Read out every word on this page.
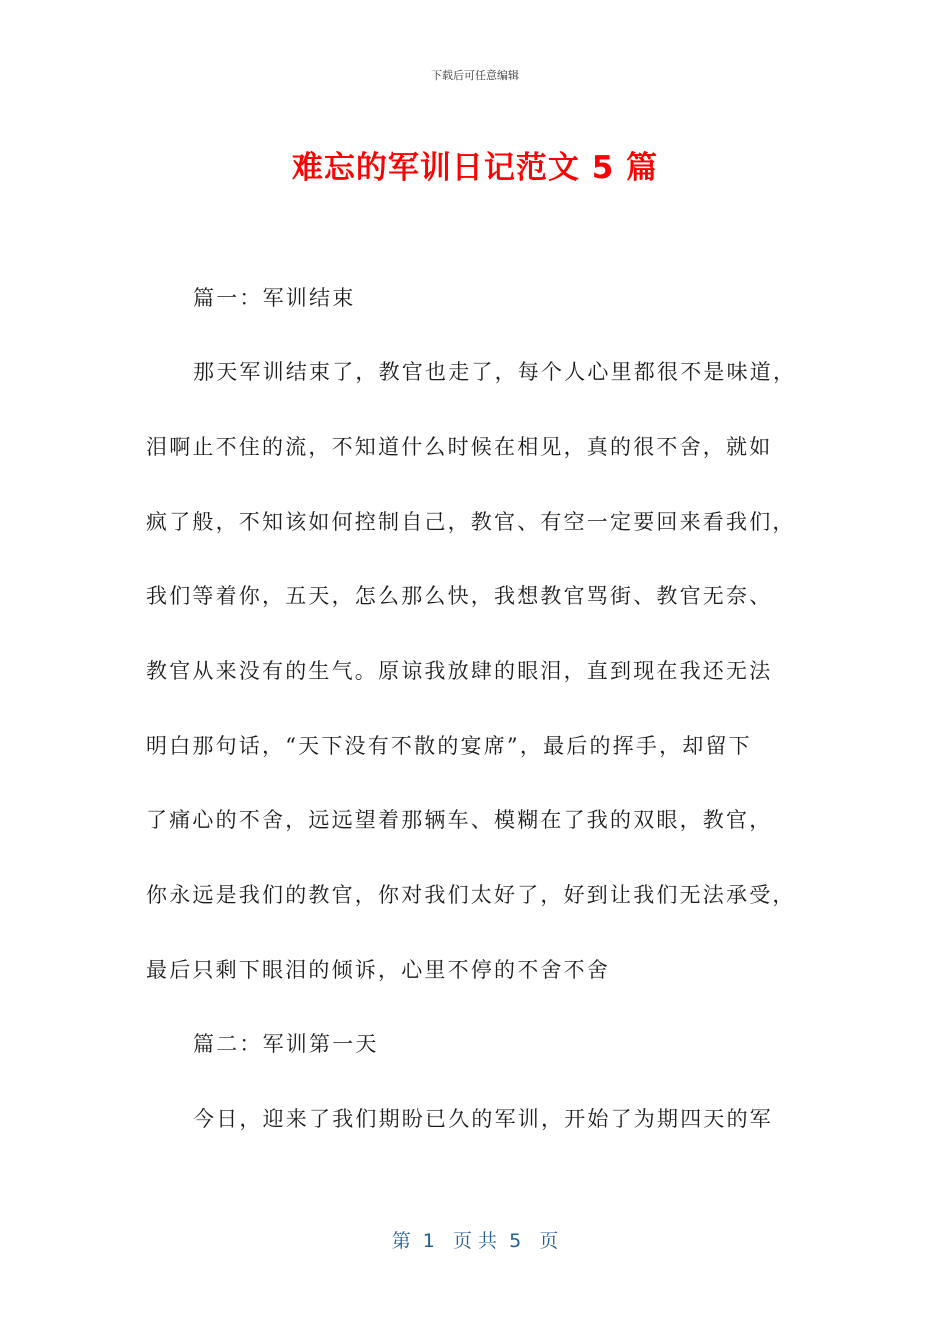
下载后可任意编辑
难忘的军训日记范文 5 篇
篇一：军训结束
那天军训结束了，教官也走了，每个人心里都很不是味道，
泪啊止不住的流，不知道什么时候在相见，真的很不舍，就如
疯了般，不知该如何控制自己，教官、有空一定要回来看我们，
我们等着你，五天，怎么那么快，我想教官骂街、教官无奈、
教官从来没有的生气。原谅我放肆的眼泪，直到现在我还无法
明白那句话，“天下没有不散的宴席”，最后的挥手，却留下
了痛心的不舍，远远望着那辆车、模糊在了我的双眼，教官，
你永远是我们的教官，你对我们太好了，好到让我们无法承受，
最后只剩下眼泪的倾诉，心里不停的不舍不舍
篇二：军训第一天
今日，迎来了我们期盼已久的军训，开始了为期四天的军
第  1   页 共  5   页
